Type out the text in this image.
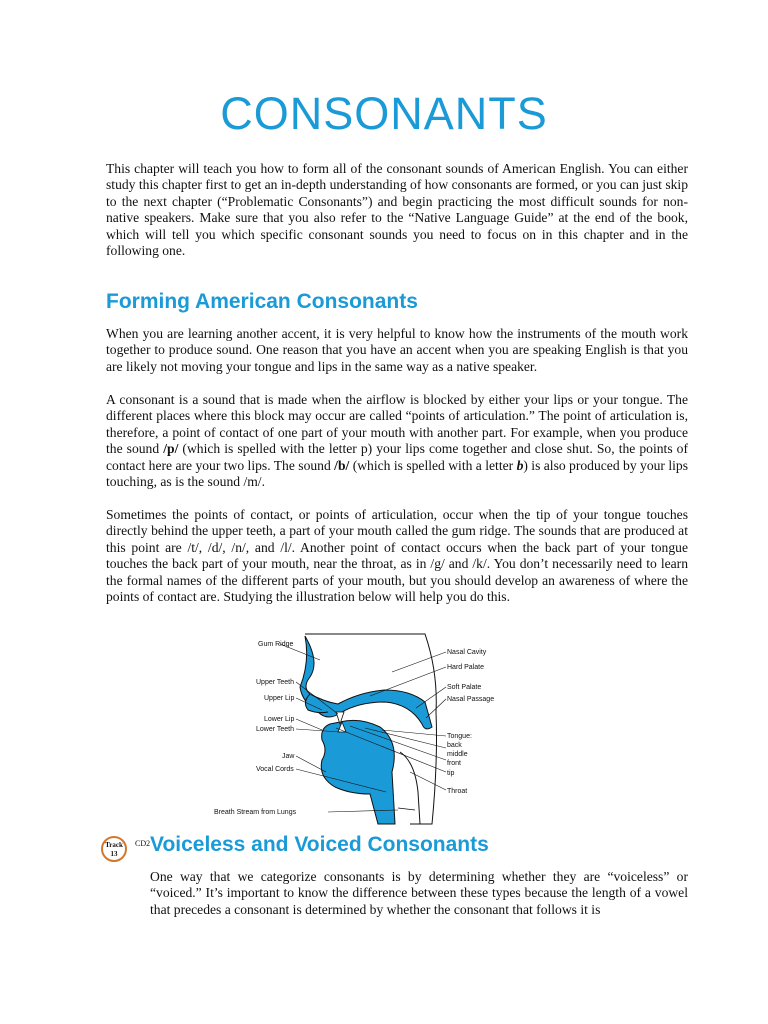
CONSONANTS

This chapter will teach you how to form all of the consonant sounds of American English. You can either study this chapter first to get an in-depth understanding of how consonants are formed, or you can just skip to the next chapter (“Problematic Consonants”) and begin practicing the most difficult sounds for non-native speakers. Make sure that you also refer to the “Native Language Guide” at the end of the book, which will tell you which specific consonant sounds you need to focus on in this chapter and in the following one.

Forming American Consonants

When you are learning another accent, it is very helpful to know how the instruments of the mouth work together to produce sound. One reason that you have an accent when you are speaking English is that you are likely not moving your tongue and lips in the same way as a native speaker.

A consonant is a sound that is made when the airflow is blocked by either your lips or your tongue. The different places where this block may occur are called “points of articulation.” The point of articulation is, therefore, a point of contact of one part of your mouth with another part. For example, when you produce the sound /p/ (which is spelled with the letter p) your lips come together and close shut. So, the points of contact here are your two lips. The sound /b/ (which is spelled with a letter b) is also produced by your lips touching, as is the sound /m/.

Sometimes the points of contact, or points of articulation, occur when the tip of your tongue touches directly behind the upper teeth, a part of your mouth called the gum ridge. The sounds that are produced at this point are /t/, /d/, /n/, and /l/. Another point of contact occurs when the back part of your tongue touches the back part of your mouth, near the throat, as in /g/ and /k/. You don’t necessarily need to learn the formal names of the different parts of your mouth, but you should develop an awareness of where the points of contact are. Studying the illustration below will help you do this.

Gum Ridge
Upper Teeth
Upper Lip
Lower Lip
Lower Teeth
Jaw
Vocal Cords
Breath Stream from Lungs
Nasal Cavity
Hard Palate
Soft Palate
Nasal Passage
Tongue:
back
middle
front
tip
Throat
Track
13
CD2 Voiceless and Voiced Consonants

One way that we categorize consonants is by determining whether they are “voiceless” or “voiced.” It’s important to know the difference between these types because the length of a vowel that precedes a consonant is determined by whether the consonant that follows it is
